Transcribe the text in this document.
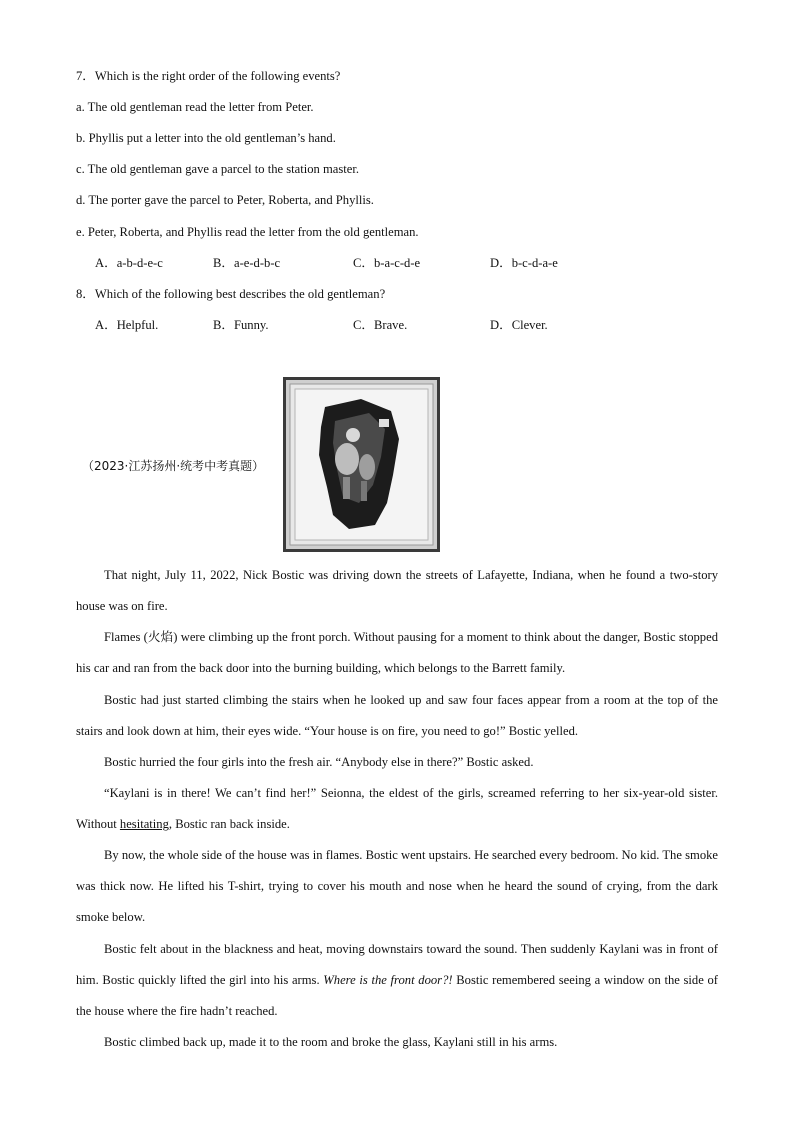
7．Which is the right order of the following events?
a. The old gentleman read the letter from Peter.
b. Phyllis put a letter into the old gentleman’s hand.
c. The old gentleman gave a parcel to the station master.
d. The porter gave the parcel to Peter, Roberta, and Phyllis.
e. Peter, Roberta, and Phyllis read the letter from the old gentleman.
A．a-b-d-e-c	B．a-e-d-b-c	C．b-a-c-d-e	D．b-c-d-a-e
8．Which of the following best describes the old gentleman?
A．Helpful.	B．Funny.	C．Brave.	D．Clever.
（2023·江苏扬州·统考中考真题）
That night, July 11, 2022, Nick Bostic was driving down the streets of Lafayette, Indiana, when he found a two-story house was on fire.
Flames (火焰) were climbing up the front porch. Without pausing for a moment to think about the danger, Bostic stopped his car and ran from the back door into the burning building, which belongs to the Barrett family.
Bostic had just started climbing the stairs when he looked up and saw four faces appear from a room at the top of the stairs and look down at him, their eyes wide. “Your house is on fire, you need to go!” Bostic yelled.
Bostic hurried the four girls into the fresh air. “Anybody else in there?” Bostic asked.
“Kaylani is in there! We can’t find her!” Seionna, the eldest of the girls, screamed referring to her six-year-old sister. Without hesitating, Bostic ran back inside.
By now, the whole side of the house was in flames. Bostic went upstairs. He searched every bedroom. No kid. The smoke was thick now. He lifted his T-shirt, trying to cover his mouth and nose when he heard the sound of crying, from the dark smoke below.
Bostic felt about in the blackness and heat, moving downstairs toward the sound. Then suddenly Kaylani was in front of him. Bostic quickly lifted the girl into his arms. Where is the front door?! Bostic remembered seeing a window on the side of the house where the fire hadn’t reached.
Bostic climbed back up, made it to the room and broke the glass, Kaylani still in his arms.
